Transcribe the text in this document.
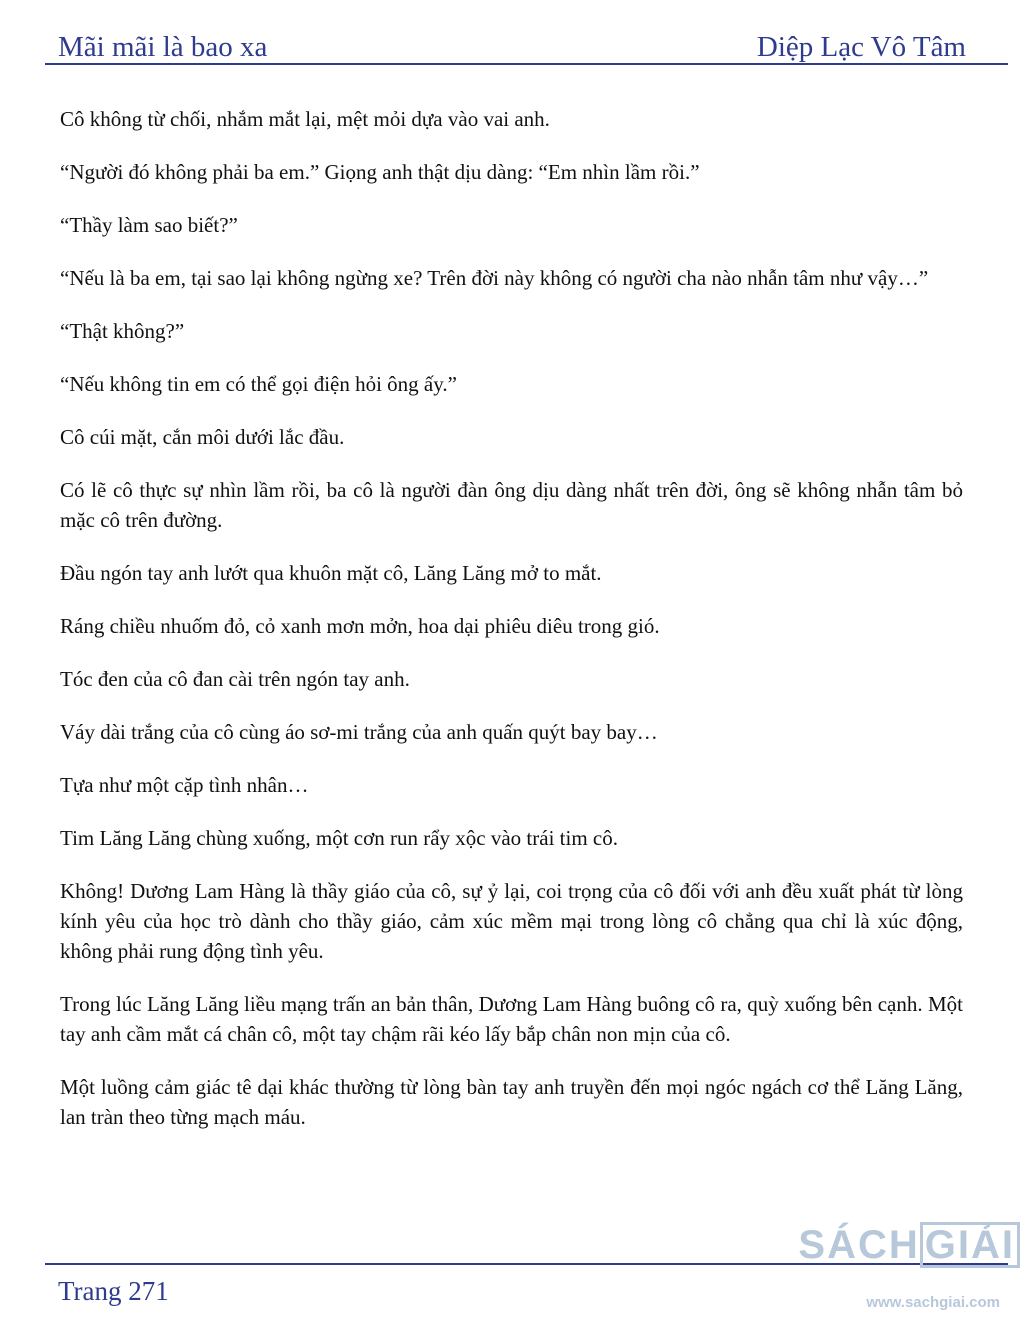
Mãi mãi là bao xa	Diệp Lạc Vô Tâm

Cô không từ chối, nhắm mắt lại, mệt mỏi dựa vào vai anh.

“Người đó không phải ba em.” Giọng anh thật dịu dàng: “Em nhìn lầm rồi.”

“Thầy làm sao biết?”

“Nếu là ba em, tại sao lại không ngừng xe? Trên đời này không có người cha nào nhẫn tâm như vậy…”

“Thật không?”

“Nếu không tin em có thể gọi điện hỏi ông ấy.”

Cô cúi mặt, cắn môi dưới lắc đầu.

Có lẽ cô thực sự nhìn lầm rồi, ba cô là người đàn ông dịu dàng nhất trên đời, ông sẽ không nhẫn tâm bỏ mặc cô trên đường.

Đầu ngón tay anh lướt qua khuôn mặt cô, Lăng Lăng mở to mắt.

Ráng chiều nhuốm đỏ, cỏ xanh mơn mởn, hoa dại phiêu diêu trong gió.

Tóc đen của cô đan cài trên ngón tay anh.

Váy dài trắng của cô cùng áo sơ-mi trắng của anh quấn quýt bay bay…

Tựa như một cặp tình nhân…

Tim Lăng Lăng chùng xuống, một cơn run rẩy xộc vào trái tim cô.

Không! Dương Lam Hàng là thầy giáo của cô, sự ỷ lại, coi trọng của cô đối với anh đều xuất phát từ lòng kính yêu của học trò dành cho thầy giáo, cảm xúc mềm mại trong lòng cô chẳng qua chỉ là xúc động, không phải rung động tình yêu.

Trong lúc Lăng Lăng liều mạng trấn an bản thân, Dương Lam Hàng buông cô ra, quỳ xuống bên cạnh. Một tay anh cầm mắt cá chân cô, một tay chậm rãi kéo lấy bắp chân non mịn của cô.

Một luồng cảm giác tê dại khác thường từ lòng bàn tay anh truyền đến mọi ngóc ngách cơ thể Lăng Lăng, lan tràn theo từng mạch máu.

Trang 271
SÁCH GIẢI
www.sachgiai.com
